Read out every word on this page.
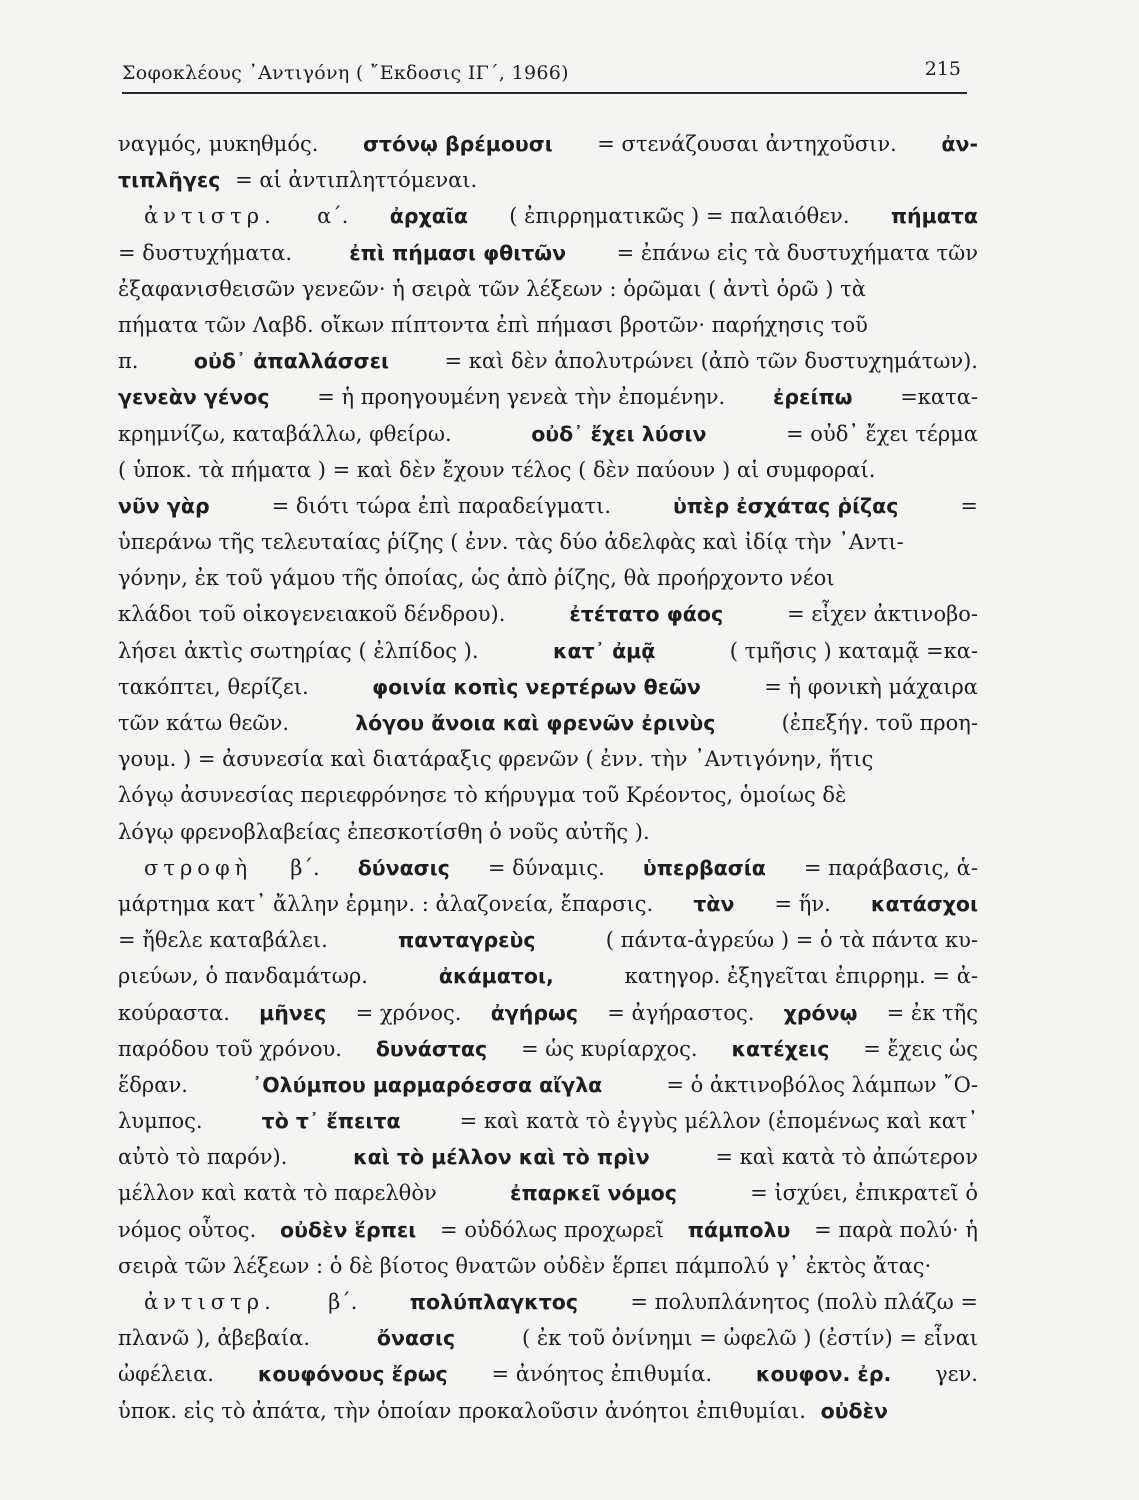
Σοφοκλέους ᾿Αντιγόνη ( ῎Εκδοσις ΙΓ΄, 1966)	215
ναγμός, μυκηθμός. στόνῳ βρέμουσι = στενάζουσαι ἀντηχοῦσιν. ἀν-
τιπλῆγες = αἱ ἀντιπληττόμεναι.
ἀντιστρ. α΄. ἀρχαῖα ( ἐπιρρηματικῶς ) = παλαιόθεν. πήματα
= δυστυχήματα. ἐπὶ πήμασι φθιτῶν = ἐπάνω εἰς τὰ δυστυχήματα τῶν
ἐξαφανισθεισῶν γενεῶν· ἡ σειρὰ τῶν λέξεων : ὁρῶμαι ( ἀντὶ ὁρῶ ) τὰ
πήματα τῶν Λαβδ. οἴκων πίπτοντα ἐπὶ πήμασι βροτῶν· παρήχησις τοῦ
π. οὐδ᾿ ἀπαλλάσσει = καὶ δὲν ἀπολυτρώνει (ἀπὸ τῶν δυστυχημάτων).
γενεὰν γένος = ἡ προηγουμένη γενεὰ τὴν ἐπομένην. ἐρείπω =κατα-
κρημνίζω, καταβάλλω, φθείρω.	οὐδ᾿ ἔχει λύσιν	= οὐδ᾿ ἔχει τέρμα
( ὑποκ. τὰ πήματα ) = καὶ δὲν ἔχουν τέλος ( δὲν παύουν ) αἱ συμφοραί.
νῦν γὰρ	= διότι τώρα ἐπὶ παραδείγματι.	ὑπὲρ ἐσχάτας ῥίζας	=
ὑπεράνω τῆς τελευταίας ῥίζης ( ἐνν. τὰς δύο ἀδελφὰς καὶ ἰδίᾳ τὴν ᾿Αντι-
γόνην, ἐκ τοῦ γάμου τῆς ὁποίας, ὡς ἀπὸ ῥίζης, θὰ προήρχοντο νέοι
κλάδοι τοῦ οἰκογενειακοῦ δένδρου).	ἐτέτατο φάος	= εἶχεν ἀκτινοβο-
λήσει ἀκτὶς σωτηρίας ( ἐλπίδος ).	κατ᾿ ἀμᾷ	( τμῆσις ) καταμᾷ =κα-
τακόπτει, θερίζει.	φοινία κοπὶς νερτέρων θεῶν	= ἡ φονικὴ μάχαιρα
τῶν κάτω θεῶν.	λόγου ἄνοια καὶ φρενῶν ἐρινὺς	(ἐπεξήγ. τοῦ προη-
γουμ. ) = ἀσυνεσία καὶ διατάραξις φρενῶν ( ἐνν. τὴν ᾿Αντιγόνην, ἥτις
λόγῳ ἀσυνεσίας περιεφρόνησε τὸ κήρυγμα τοῦ Κρέοντος, ὁμοίως δὲ
λόγῳ φρενοβλαβείας ἐπεσκοτίσθη ὁ νοῦς αὐτῆς ).
στροφὴ β΄. δύνασις = δύναμις. ὑπερβασία = παράβασις, ἁ-
μάρτημα κατ᾿ ἄλλην ἑρμην. : ἀλαζονεία, ἔπαρσις. τὰν = ἥν. κατάσχοι
= ἤθελε καταβάλει.	πανταγρεὺς	( πάντα-ἀγρεύω ) = ὁ τὰ πάντα κυ-
ριεύων, ὁ πανδαμάτωρ.	ἀκάματοι,	κατηγορ. ἐξηγεῖται ἐπιρρημ. = ἀ-
κούραστα. μῆνες = χρόνος. ἀγήρως = ἀγήραστος. χρόνῳ = ἐκ τῆς
παρόδου τοῦ χρόνου. δυνάστας = ὡς κυρίαρχος. κατέχεις = ἔχεις ὡς
ἕδραν.	᾿Ολύμπου μαρμαρόεσσα αἴγλα	= ὁ ἀκτινοβόλος λάμπων ῎Ο-
λυμπος.	τὸ τ᾿ ἔπειτα = καὶ κατὰ τὸ ἐγγὺς μέλλον (ἑπομένως καὶ κατ᾿
αὐτὸ τὸ παρόν).	καὶ τὸ μέλλον καὶ τὸ πρὶν	= καὶ κατὰ τὸ ἀπώτερον
μέλλον καὶ κατὰ τὸ παρελθὸν	ἐπαρκεῖ νόμος	= ἰσχύει, ἐπικρατεῖ ὁ
νόμος οὗτος. οὐδὲν ἕρπει = οὐδόλως προχωρεῖ πάμπολυ = παρὰ πολύ· ἡ
σειρὰ τῶν λέξεων : ὁ δὲ βίοτος θνατῶν οὐδὲν ἕρπει πάμπολύ γ᾿ ἐκτὸς ἄτας·
ἀντιστρ. β΄. πολύπλαγκτος = πολυπλάνητος (πολὺ πλάζω =
πλανῶ ), ἀβεβαία.	ὄνασις	( ἐκ τοῦ ὀνίνημι = ὠφελῶ ) (ἐστίν) = εἶναι
ὠφέλεια. κουφόνους ἔρως = ἀνόητος ἐπιθυμία. κουφον. ἐρ. γεν.
ὑποκ. εἰς τὸ ἀπάτα, τὴν ὁποίαν προκαλοῦσιν ἀνόητοι ἐπιθυμίαι. οὐδὲν
